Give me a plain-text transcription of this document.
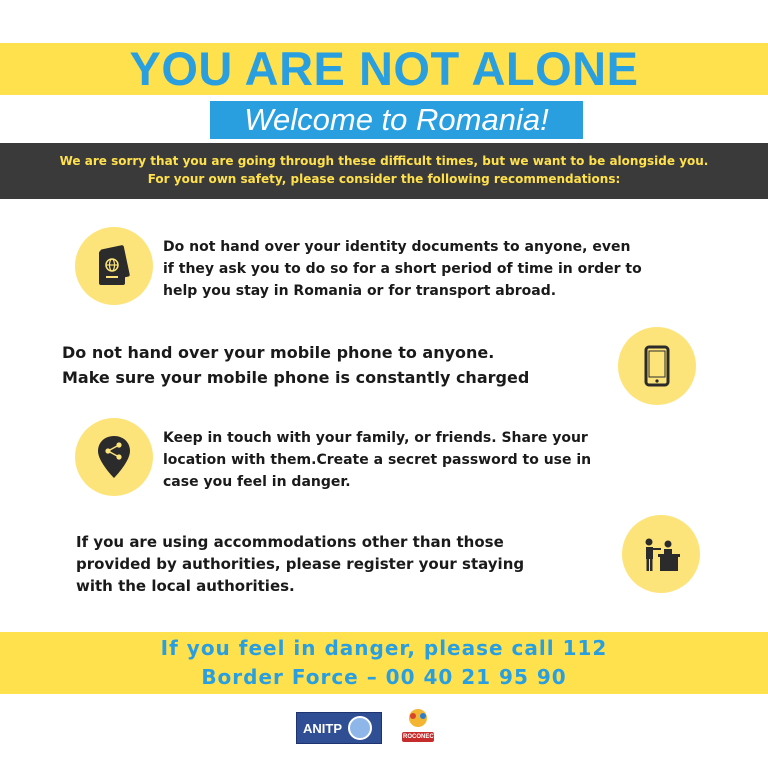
YOU ARE NOT ALONE
Welcome to Romania!
We are sorry that you are going through these difficult times, but we want to be alongside you.
For your own safety, please consider the following recommendations:
Do not hand over your identity documents to anyone, even
if they ask you to do so for a short period of time in order to
help you stay in Romania or for transport abroad.
Do not hand over your mobile phone to anyone.
Make sure your mobile phone is constantly charged
Keep in touch with your family, or friends. Share your
location with them.Create a secret password to use in
case you feel in danger.
If you are using accommodations other than those
provided by authorities, please register your staying
with the local authorities.
If you feel in danger, please call 112
Border Force – 00 40 21 95 90
ANITP
ROCONECT
